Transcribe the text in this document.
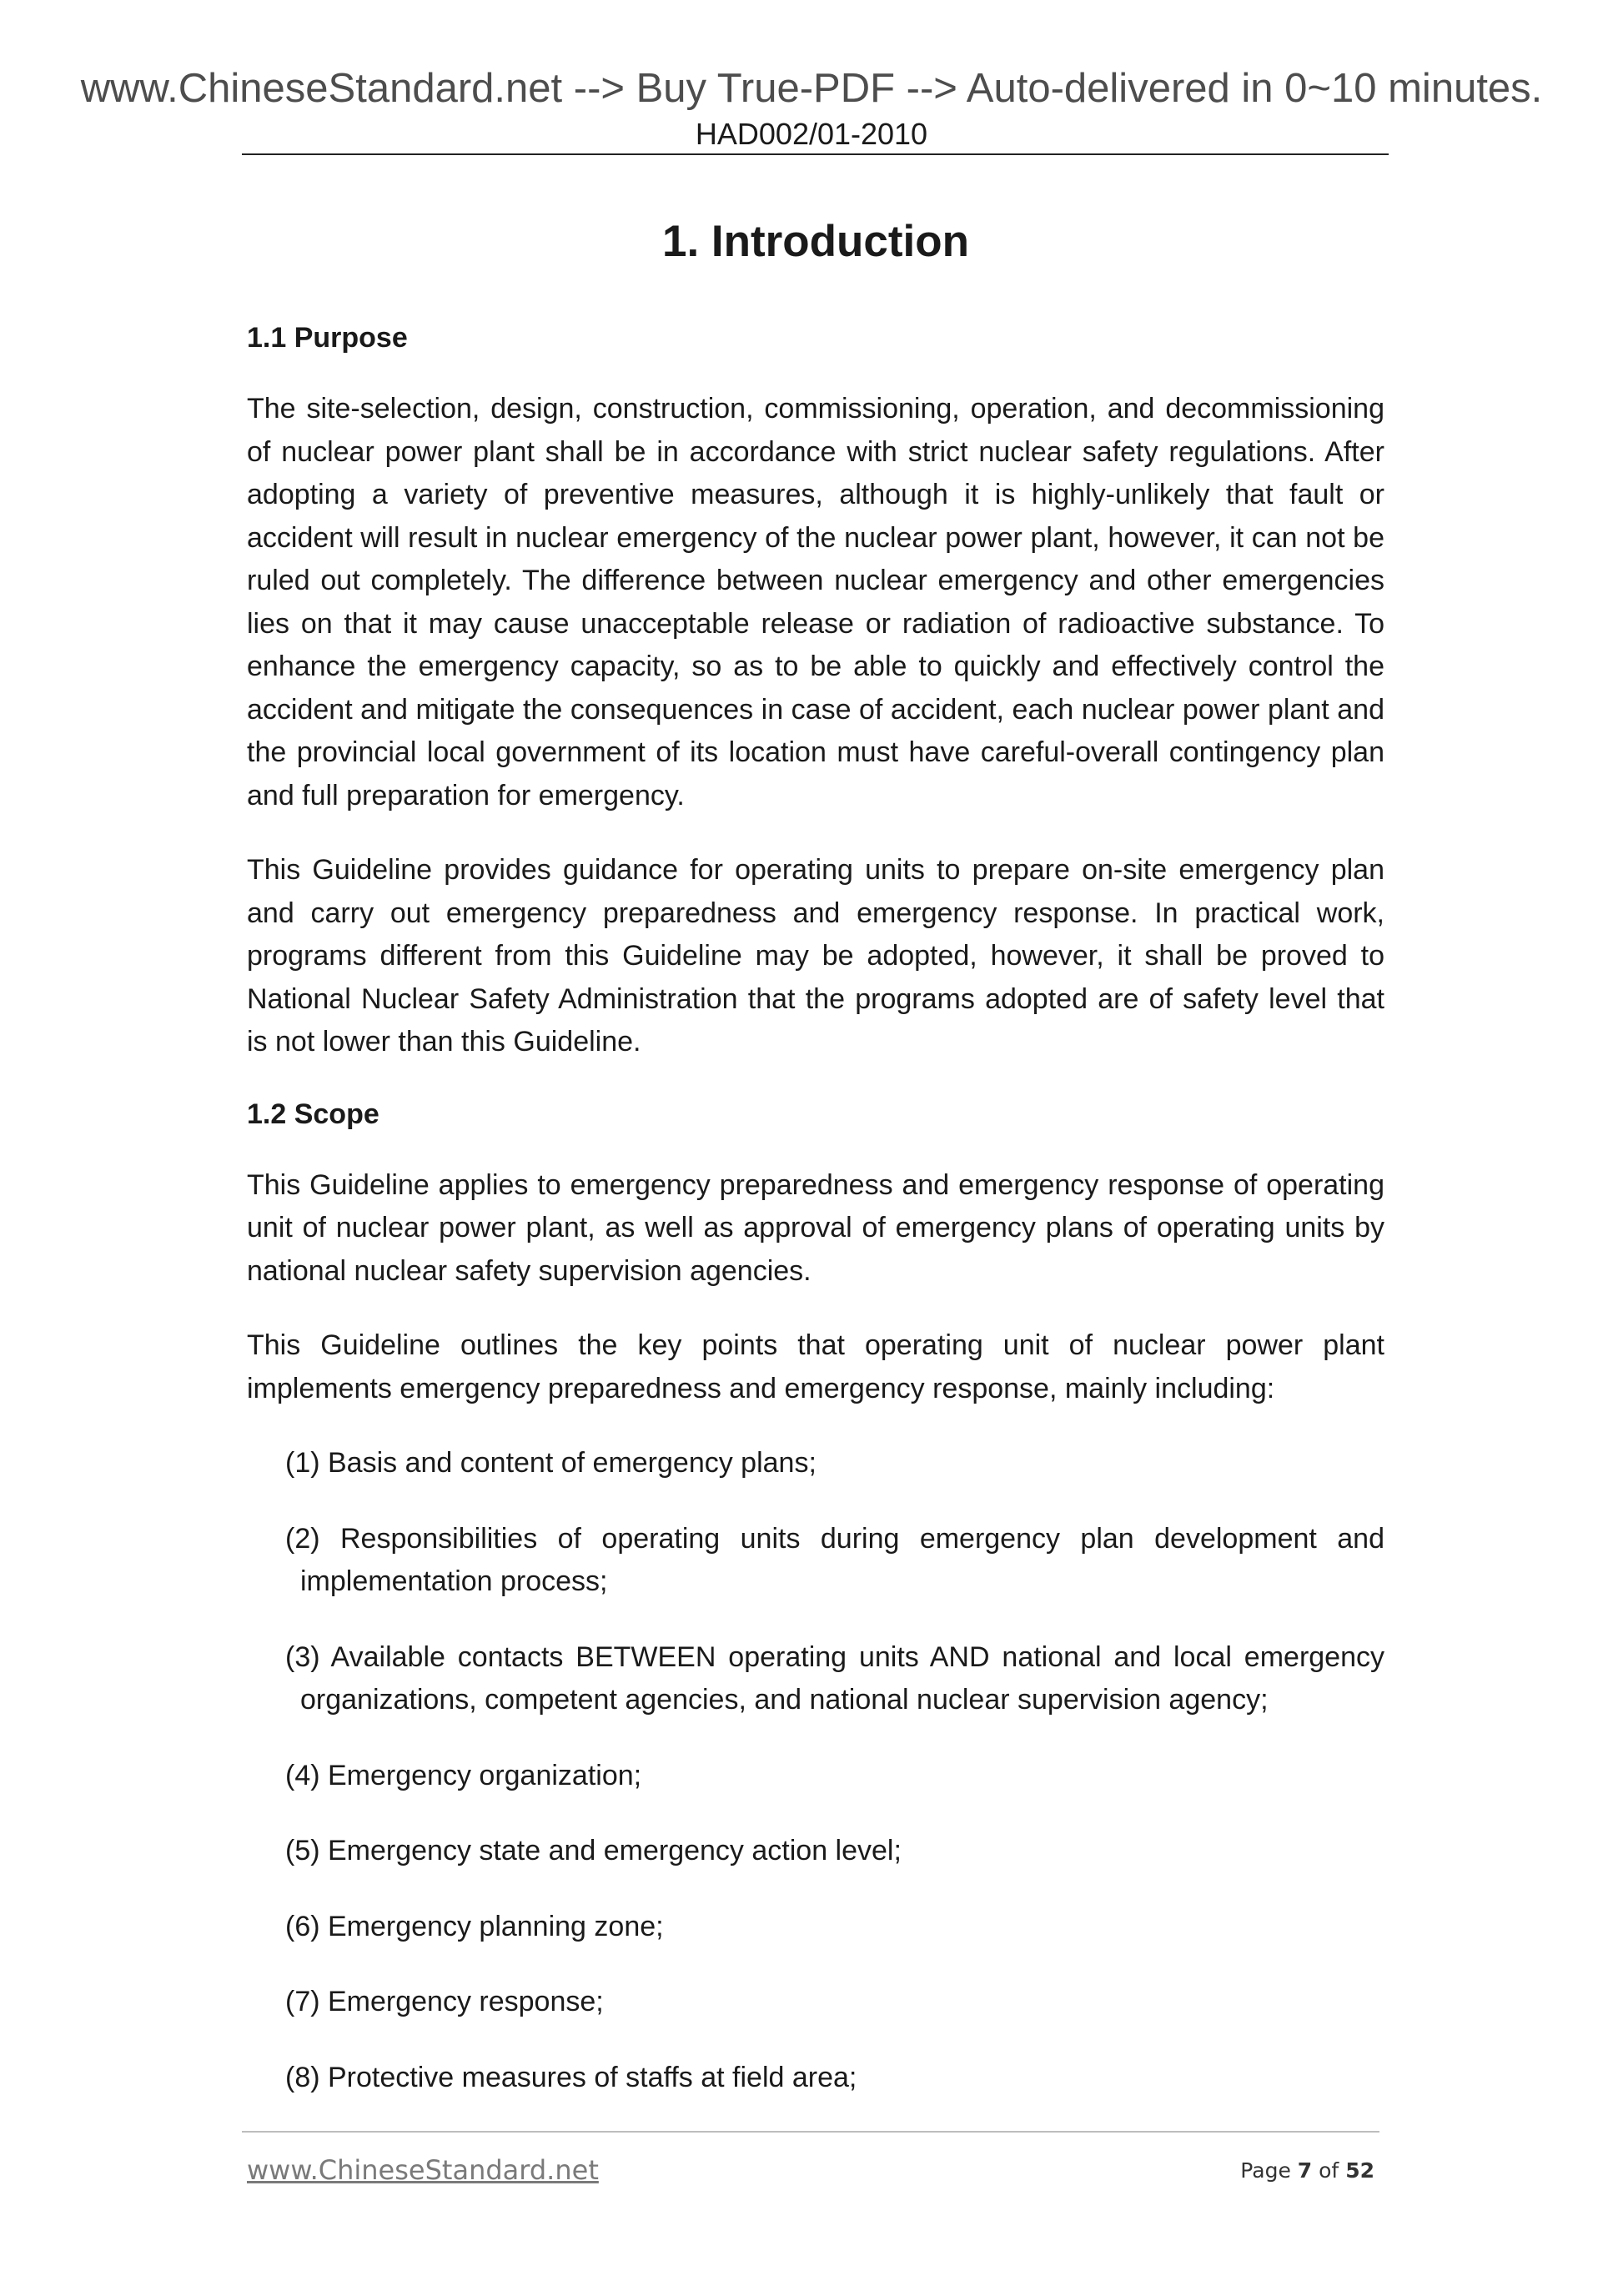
www.ChineseStandard.net --> Buy True-PDF --> Auto-delivered in 0~10 minutes.
HAD002/01-2010
1. Introduction
1.1 Purpose

The site-selection, design, construction, commissioning, operation, and decommissioning of nuclear power plant shall be in accordance with strict nuclear safety regulations. After adopting a variety of preventive measures, although it is highly-unlikely that fault or accident will result in nuclear emergency of the nuclear power plant, however, it can not be ruled out completely. The difference between nuclear emergency and other emergencies lies on that it may cause unacceptable release or radiation of radioactive substance. To enhance the emergency capacity, so as to be able to quickly and effectively control the accident and mitigate the consequences in case of accident, each nuclear power plant and the provincial local government of its location must have careful-overall contingency plan and full preparation for emergency.

This Guideline provides guidance for operating units to prepare on-site emergency plan and carry out emergency preparedness and emergency response. In practical work, programs different from this Guideline may be adopted, however, it shall be proved to National Nuclear Safety Administration that the programs adopted are of safety level that is not lower than this Guideline.

1.2 Scope

This Guideline applies to emergency preparedness and emergency response of operating unit of nuclear power plant, as well as approval of emergency plans of operating units by national nuclear safety supervision agencies.

This Guideline outlines the key points that operating unit of nuclear power plant implements emergency preparedness and emergency response, mainly including:

(1) Basis and content of emergency plans;
(2) Responsibilities of operating units during emergency plan development and implementation process;
(3) Available contacts BETWEEN operating units AND national and local emergency organizations, competent agencies, and national nuclear supervision agency;
(4) Emergency organization;
(5) Emergency state and emergency action level;
(6) Emergency planning zone;
(7) Emergency response;
(8) Protective measures of staffs at field area;
www.ChineseStandard.net	Page 7 of 52
